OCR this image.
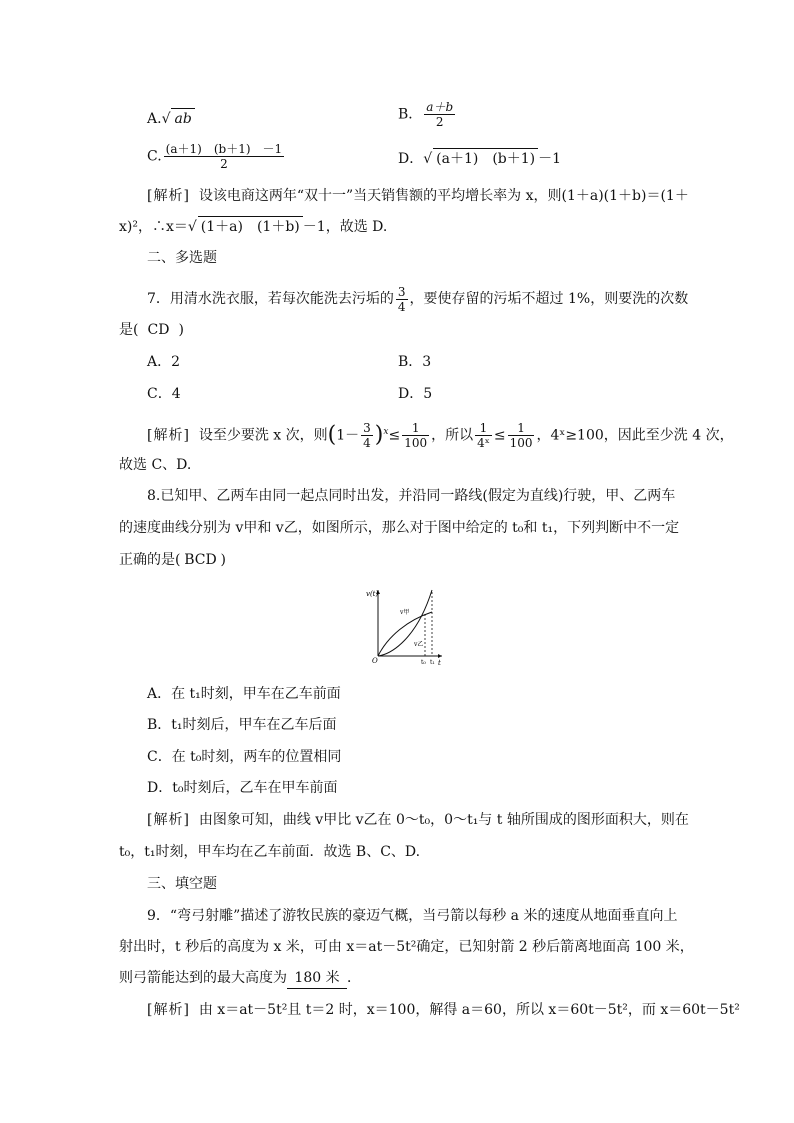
A.√ ab	B． $\frac{a+b}{2}$
C. $\frac{(a+1) (b+1) -1}{2}$	D．√ (a＋1)　(b＋1) －1
[解析] 设该电商这两年“双十一”当天销售额的平均增长率为 x，则(1＋a)(1＋b)＝(1＋
x)²，∴x＝√ (1＋a)　(1＋b) －1，故选 D.
二、多选题
7．用清水洗衣服，若每次能洗去污垢的 $\frac{3}{4}$ ，要使存留的污垢不超过 1%，则要洗的次数
是( CD )
A．2	B．3
C．4	D．5
[解析] 设至少要洗 x 次，则$(1- \frac{3}{4} )^x\le \frac{1}{100}$ ，所以 $\frac{1}{\text{4ˣ}} \le \frac{1}{100}$ ，4ˣ≥100，因此至少洗 4 次，
故选 C、D.
8.已知甲、乙两车由同一起点同时出发，并沿同一路线(假定为直线)行驶，甲、乙两车
的速度曲线分别为 v甲和 v乙，如图所示，那么对于图中给定的 t₀和 t₁，下列判断中不一定
正确的是( BCD )
v(t)
O	t
v甲
v乙
t₀ t₁
A．在 t₁时刻，甲车在乙车前面
B．t₁时刻后，甲车在乙车后面
C．在 t₀时刻，两车的位置相同
D．t₀时刻后，乙车在甲车前面
[解析] 由图象可知，曲线 v甲比 v乙在 0～t₀，0～t₁与 t 轴所围成的图形面积大，则在
t₀，t₁时刻，甲车均在乙车前面．故选 B、C、D.
三、填空题
9．“弯弓射雕”描述了游牧民族的豪迈气概，当弓箭以每秒 a 米的速度从地面垂直向上
射出时，t 秒后的高度为 x 米，可由 x＝at－5t²确定，已知射箭 2 秒后箭离地面高 100 米，
则弓箭能达到的最大高度为 180 米 ．
[解析] 由 x＝at－5t²且 t＝2 时，x＝100，解得 a＝60，所以 x＝60t－5t²，而 x＝60t－5t²
